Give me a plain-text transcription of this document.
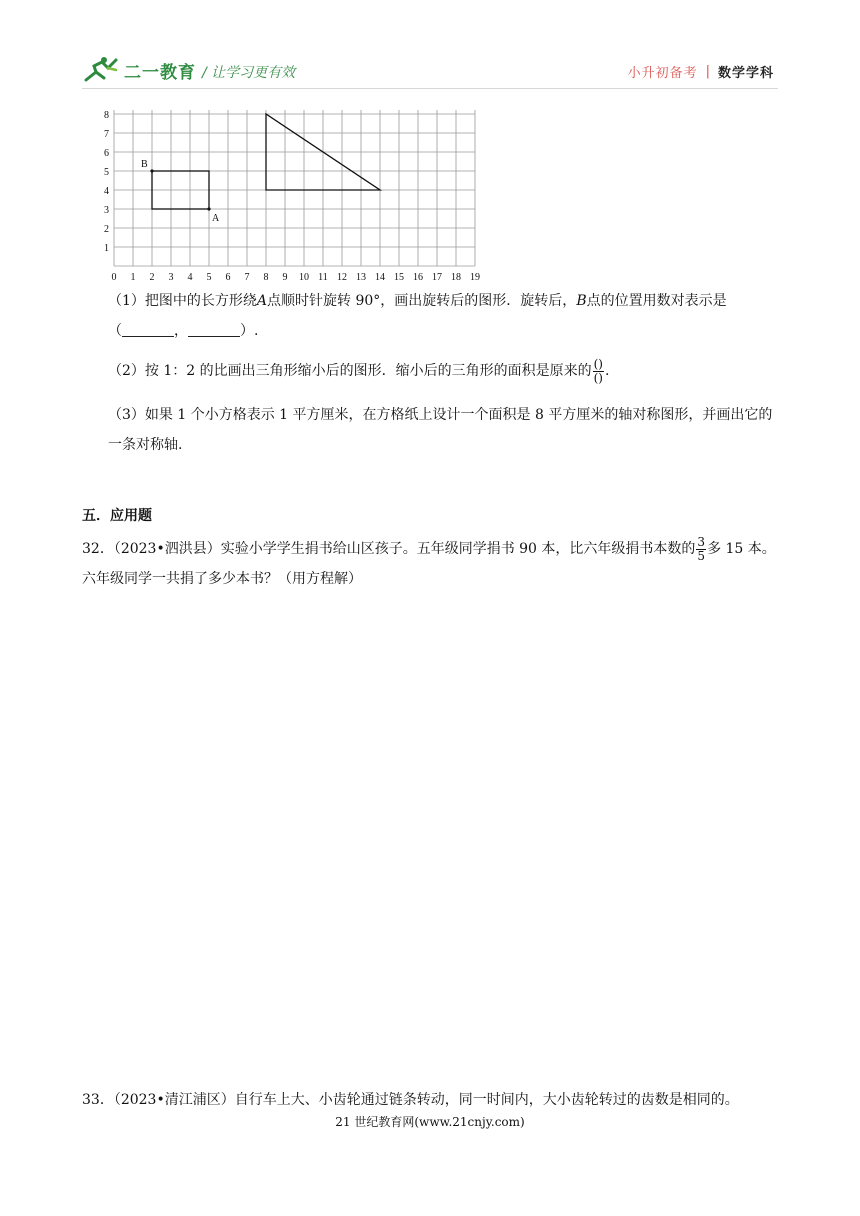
二一教育 / 让学习更有效	小升初备考 | 数学学科
0 1 2 3 4 5 6 7 8 9 10 11 12 13 14 15 16 17 18 19
1
2
3
4
5
6
7
8
A
B
（1）把图中的长方形绕A点顺时针旋转 90°，画出旋转后的图形．旋转后，B点的位置用数对表示是
（	，	）.
（2）按 1：2 的比画出三角形缩小后的图形．缩小后的三角形的面积是原来的 $\frac{()}{()}$ .
（3）如果 1 个小方格表示 1 平方厘米，在方格纸上设计一个面积是 8 平方厘米的轴对称图形，并画出它的一条对称轴.
五．应用题
32．（2023•泗洪县）实验小学学生捐书给山区孩子。五年级同学捐书 90 本，比六年级捐书本数的 $\frac{3}{5}$ 多 15 本。六年级同学一共捐了多少本书？（用方程解）
33．（2023•清江浦区）自行车上大、小齿轮通过链条转动，同一时间内，大小齿轮转过的齿数是相同的。
21 世纪教育网(www.21cnjy.com)
